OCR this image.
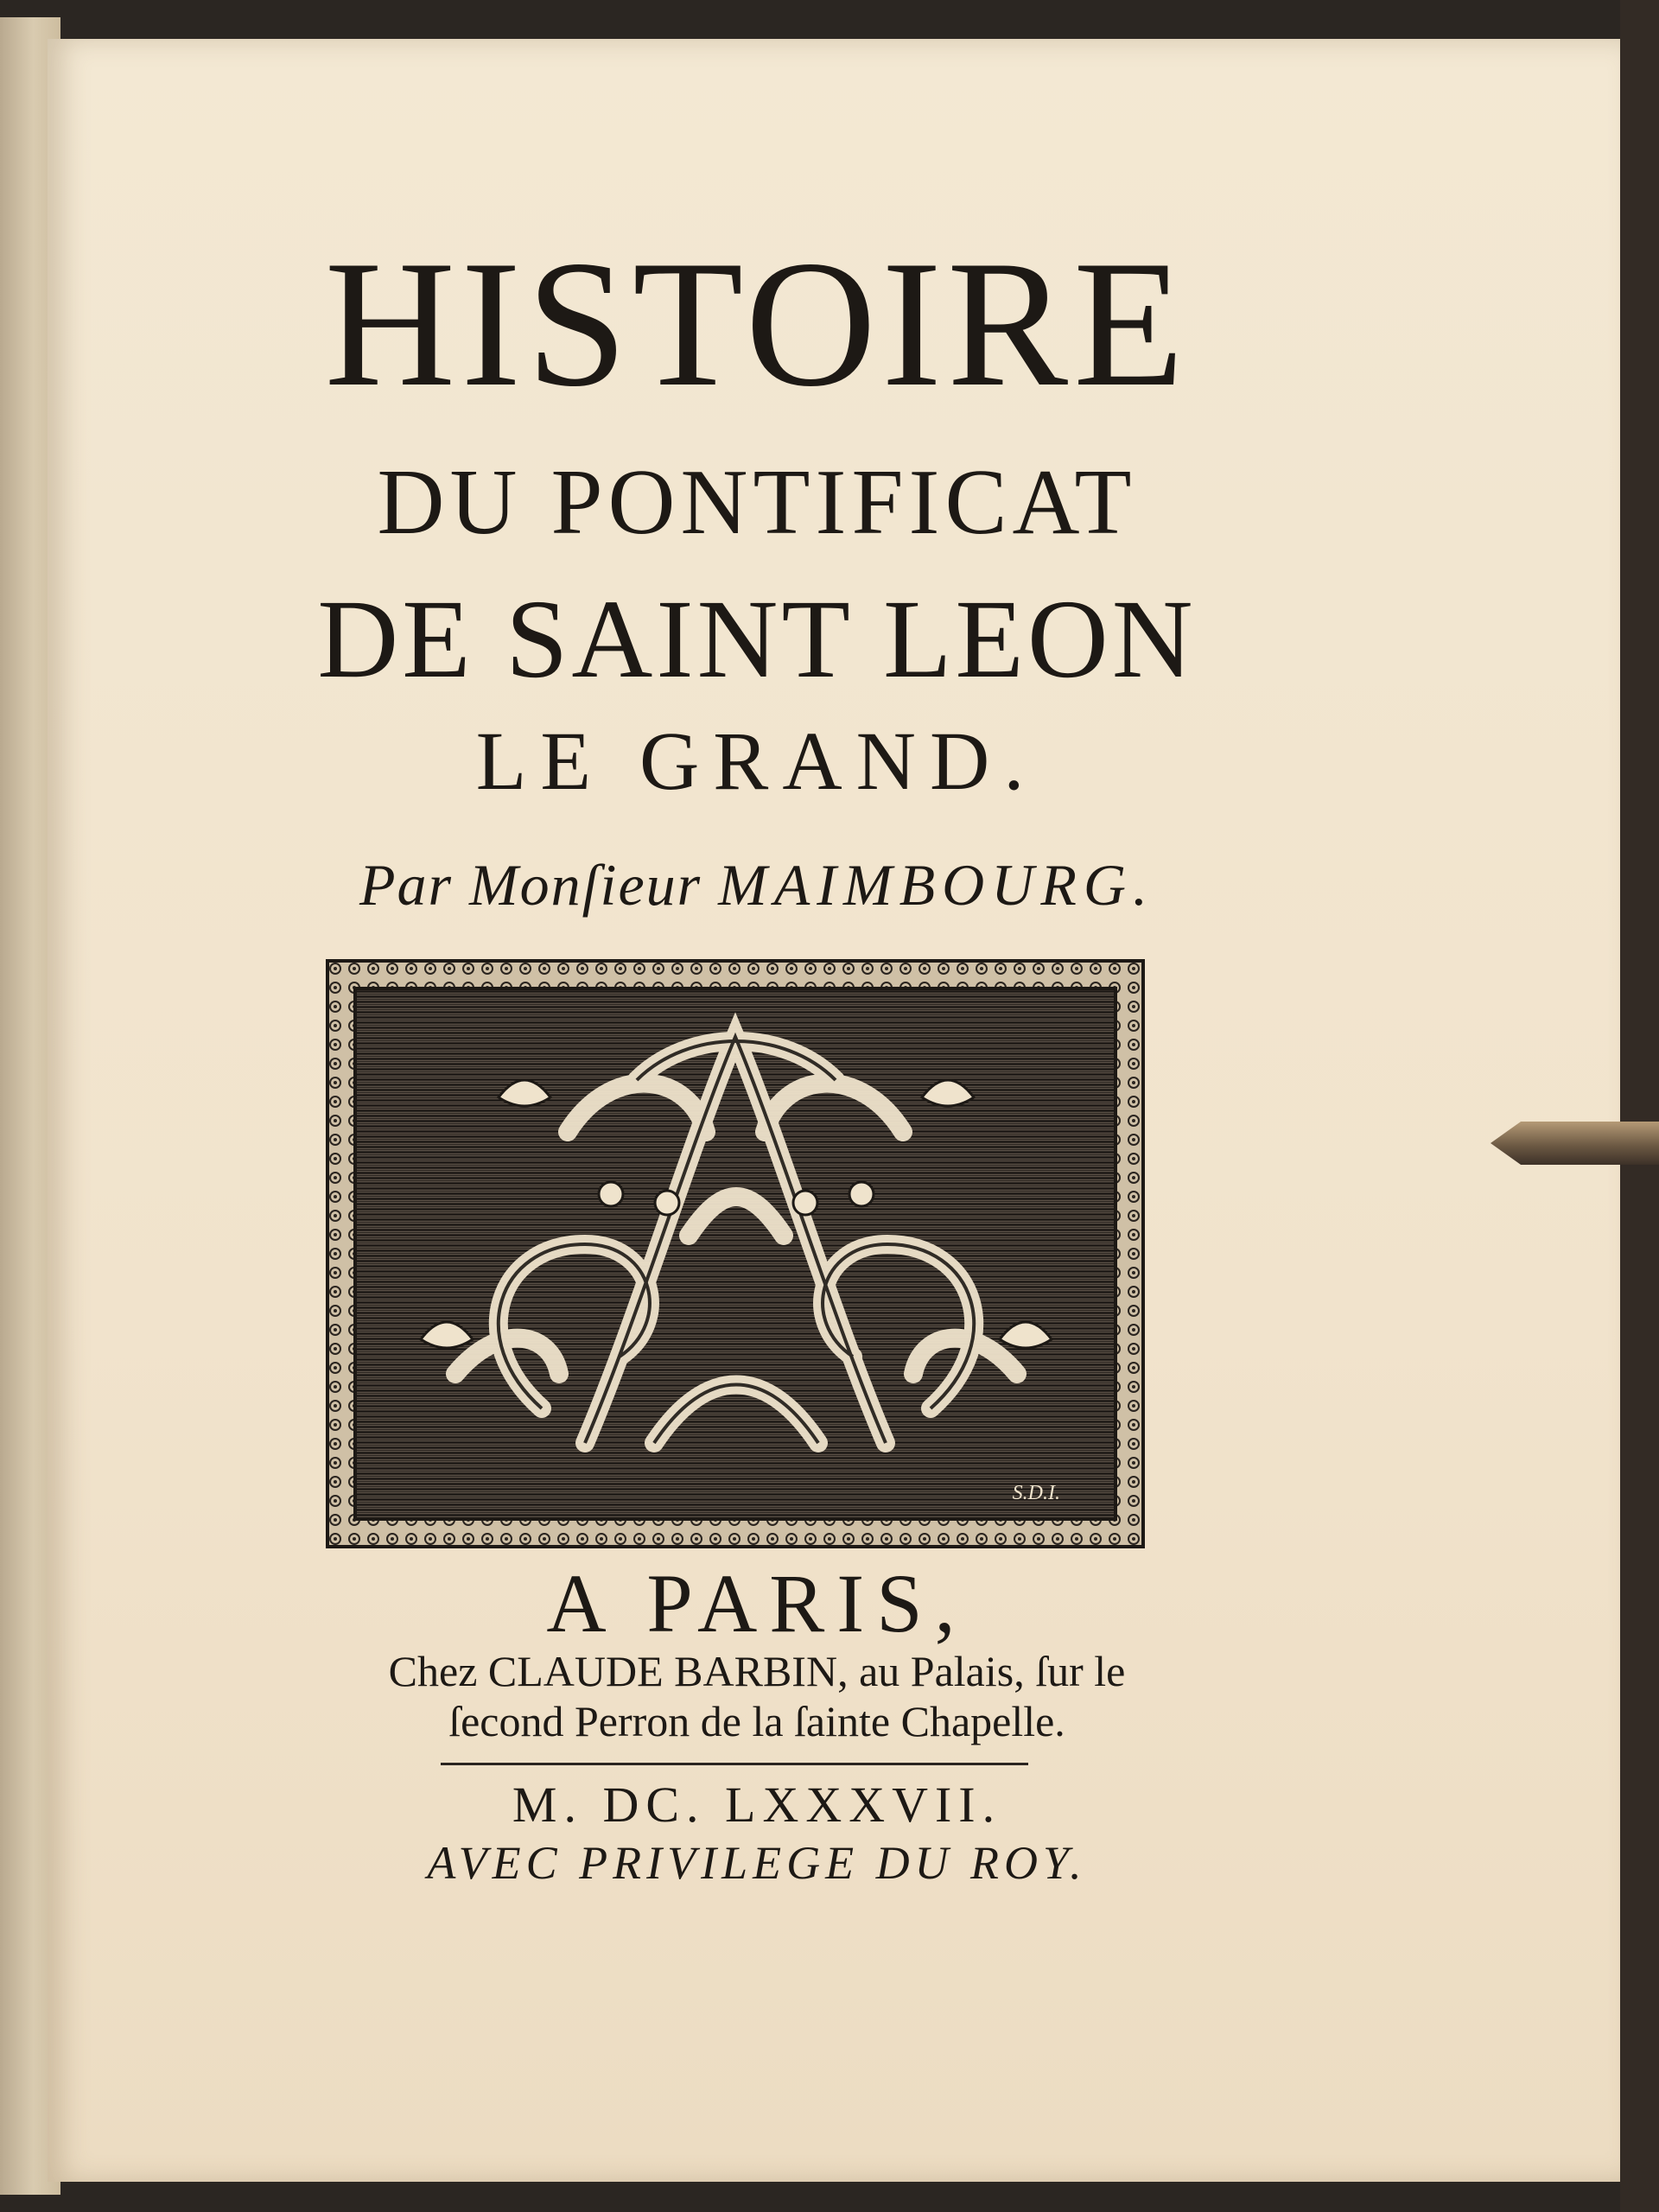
HISTOIRE

DU PONTIFICAT

DE SAINT LEON

LE GRAND.

Par Monſieur MAIMBOURG.

S.D.I.

A PARIS,

Chez CLAUDE BARBIN, au Palais, ſur le

ſecond Perron de la ſainte Chapelle.

M. DC. LXXXVII.

AVEC PRIVILEGE DU ROY.
